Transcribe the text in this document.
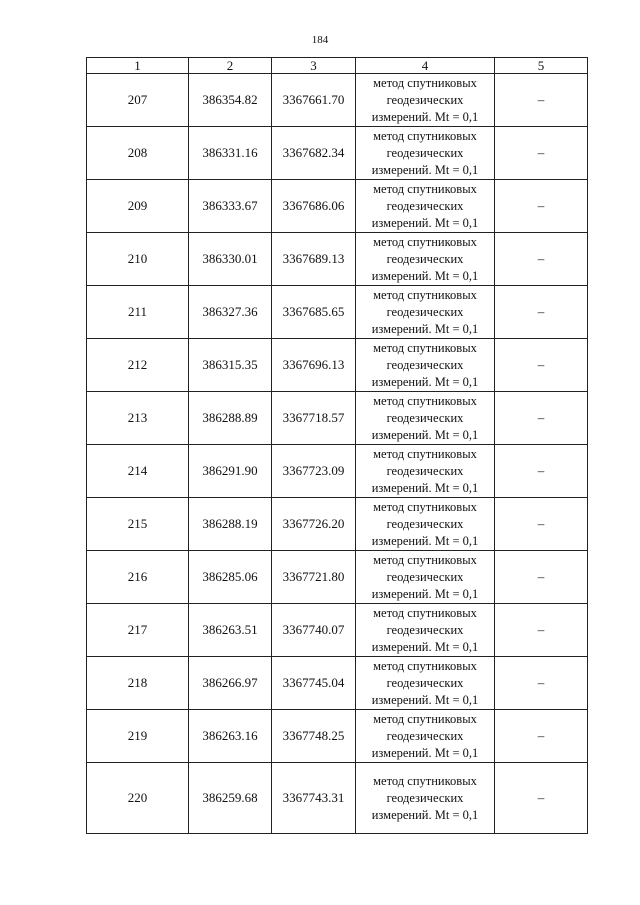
184
1	2	3	4	5
207	386354.82	3367661.70	метод спутниковых
геодезических
измерений. Mt = 0,1	–
208	386331.16	3367682.34	метод спутниковых
геодезических
измерений. Mt = 0,1	–
209	386333.67	3367686.06	метод спутниковых
геодезических
измерений. Mt = 0,1	–
210	386330.01	3367689.13	метод спутниковых
геодезических
измерений. Mt = 0,1	–
211	386327.36	3367685.65	метод спутниковых
геодезических
измерений. Mt = 0,1	–
212	386315.35	3367696.13	метод спутниковых
геодезических
измерений. Mt = 0,1	–
213	386288.89	3367718.57	метод спутниковых
геодезических
измерений. Mt = 0,1	–
214	386291.90	3367723.09	метод спутниковых
геодезических
измерений. Mt = 0,1	–
215	386288.19	3367726.20	метод спутниковых
геодезических
измерений. Mt = 0,1	–
216	386285.06	3367721.80	метод спутниковых
геодезических
измерений. Mt = 0,1	–
217	386263.51	3367740.07	метод спутниковых
геодезических
измерений. Mt = 0,1	–
218	386266.97	3367745.04	метод спутниковых
геодезических
измерений. Mt = 0,1	–
219	386263.16	3367748.25	метод спутниковых
геодезических
измерений. Mt = 0,1	–
220	386259.68	3367743.31	метод спутниковых
геодезических
измерений. Mt = 0,1	–
